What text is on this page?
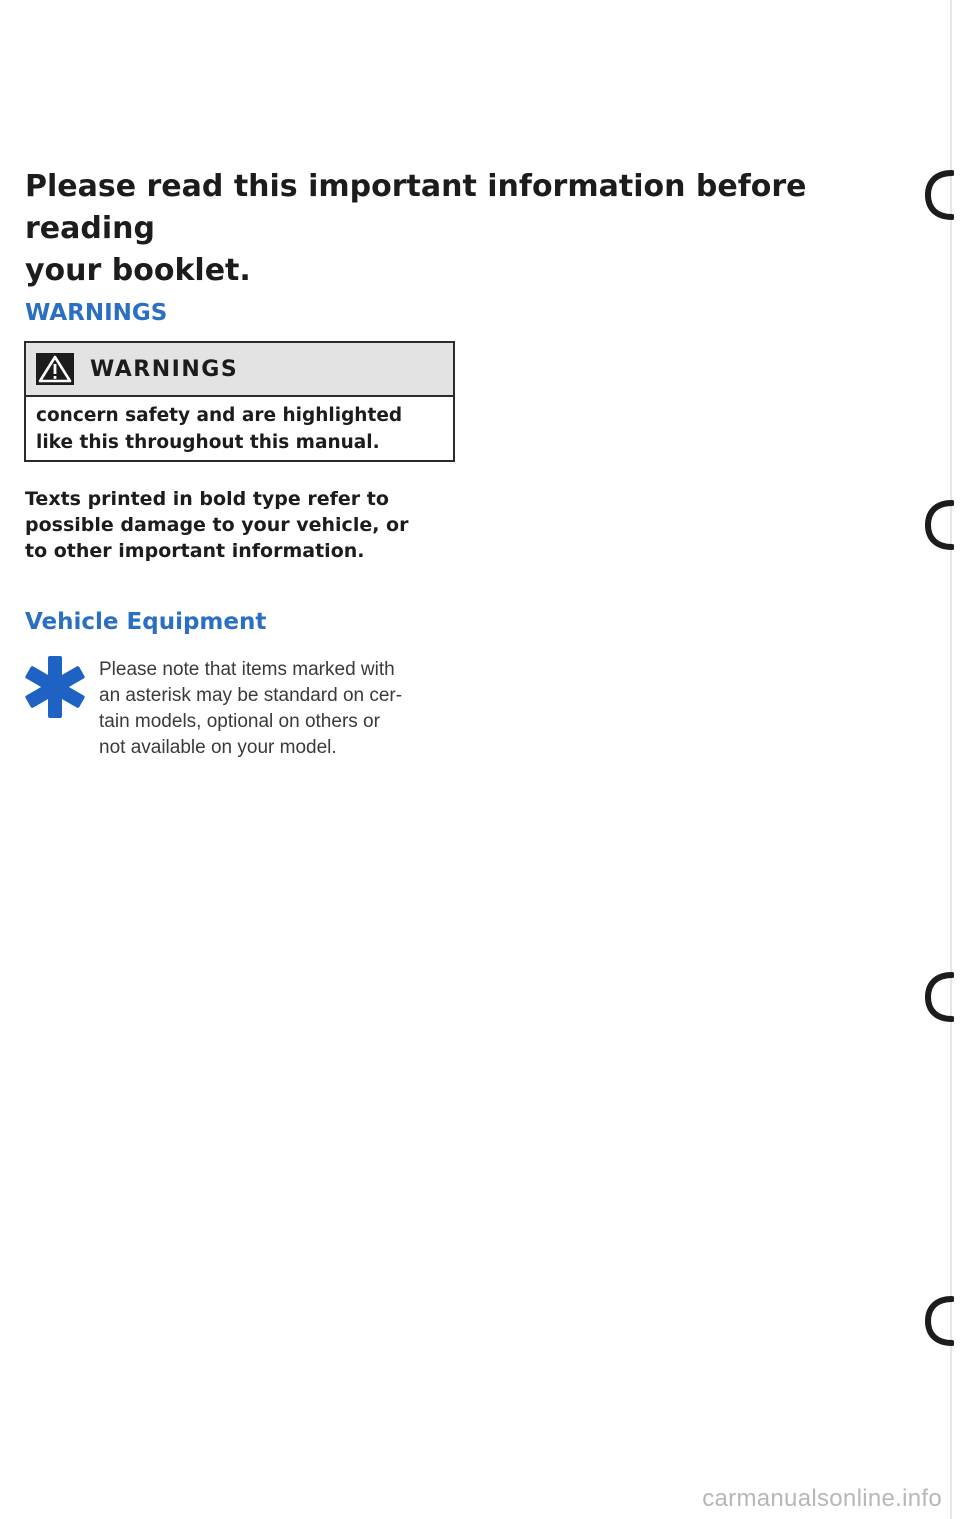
Please read this important information before reading
your booklet.
WARNINGS
WARNINGS
concern safety and are highlighted
like this throughout this manual.
Texts printed in bold type refer to
possible damage to your vehicle, or
to other important information.
Vehicle Equipment
Please note that items marked with
an asterisk may be standard on cer-
tain models, optional on others or
not available on your model.
carmanualsonline.info
